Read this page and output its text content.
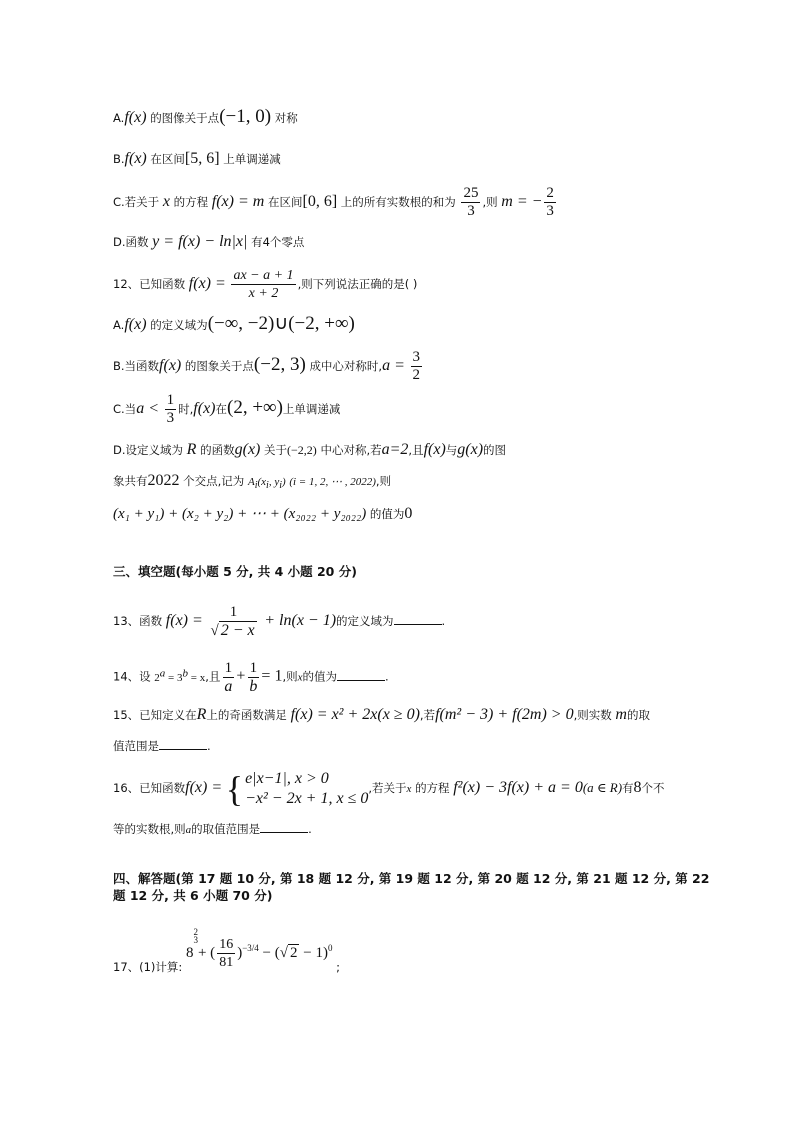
A.f(x) 的图像关于点(−1, 0) 对称
B.f(x) 在区间[5, 6] 上单调递减
C.若关于 x 的方程 f(x) = m 在区间[0, 6] 上的所有实数根的和为 $\frac{25}{3}$ ,则 m = − $\frac{2}{3}$
D.函数 y = f(x) − ln|x| 有4个零点
12、已知函数 $f(x) = \frac{ax - a + 1}{x + 2}$ ,则下列说法正确的是( )
A.f(x) 的定义域为(−∞, −2)∪(−2, +∞)
B.当函数f(x) 的图象关于点(−2, 3) 成中心对称时$,a = \frac{3}{2}$
C.当$a < \frac{1}{3}$ 时,f(x)在(2, +∞)上单调递减
D.设定义域为 R 的函数g(x) 关于(−2,2) 中心对称,若a=2,且f(x)与g(x)的图
象共有2022 个交点,记为 $A_i(x_i$, $y_i$) (i = 1, 2, ⋯ , 2022),则
(x₁ + y₁) + (x₂ + y₂) + ⋯ + (x₂₀₂₂ + y₂₀₂₂) 的值为0
三、填空题(每小题 5 分, 共 4 小题 20 分)
13、函数 $f(x) = \frac{1}{√ 2 - x} + \ln(x - 1)$的定义域为	.
14、设 $2^a = 3^b = x$,且 $\frac{1}{a} + \frac{1}{b} = 1$,则x的值为	.
15、已知定义在R上的奇函数满足 f(x) = x² + 2x(x ≥ 0),若f(m² − 3) + f(2m) > 0,则实数 m的取
值范围是	.
16、已知函数f(x) = { e|x−1|, x > 0
−x² − 2x + 1, x ≤ 0
,若关于x 的方程 f²(x) − 3f(x) + a = 0(a ∈ R)有8个不
等的实数根,则a的取值范围是	.
四、解答题(第 17 题 10 分, 第 18 题 12 分, 第 19 题 12 分, 第 20 题 12 分, 第 21 题 12 分, 第 22
题 12 分, 共 6 小题 70 分)
17、(1)计算: 8
$^{2 3}$
+ ( $\frac{16}{81} )^{-3/4}$ − (√ 2 − 1)$^0$ ;
